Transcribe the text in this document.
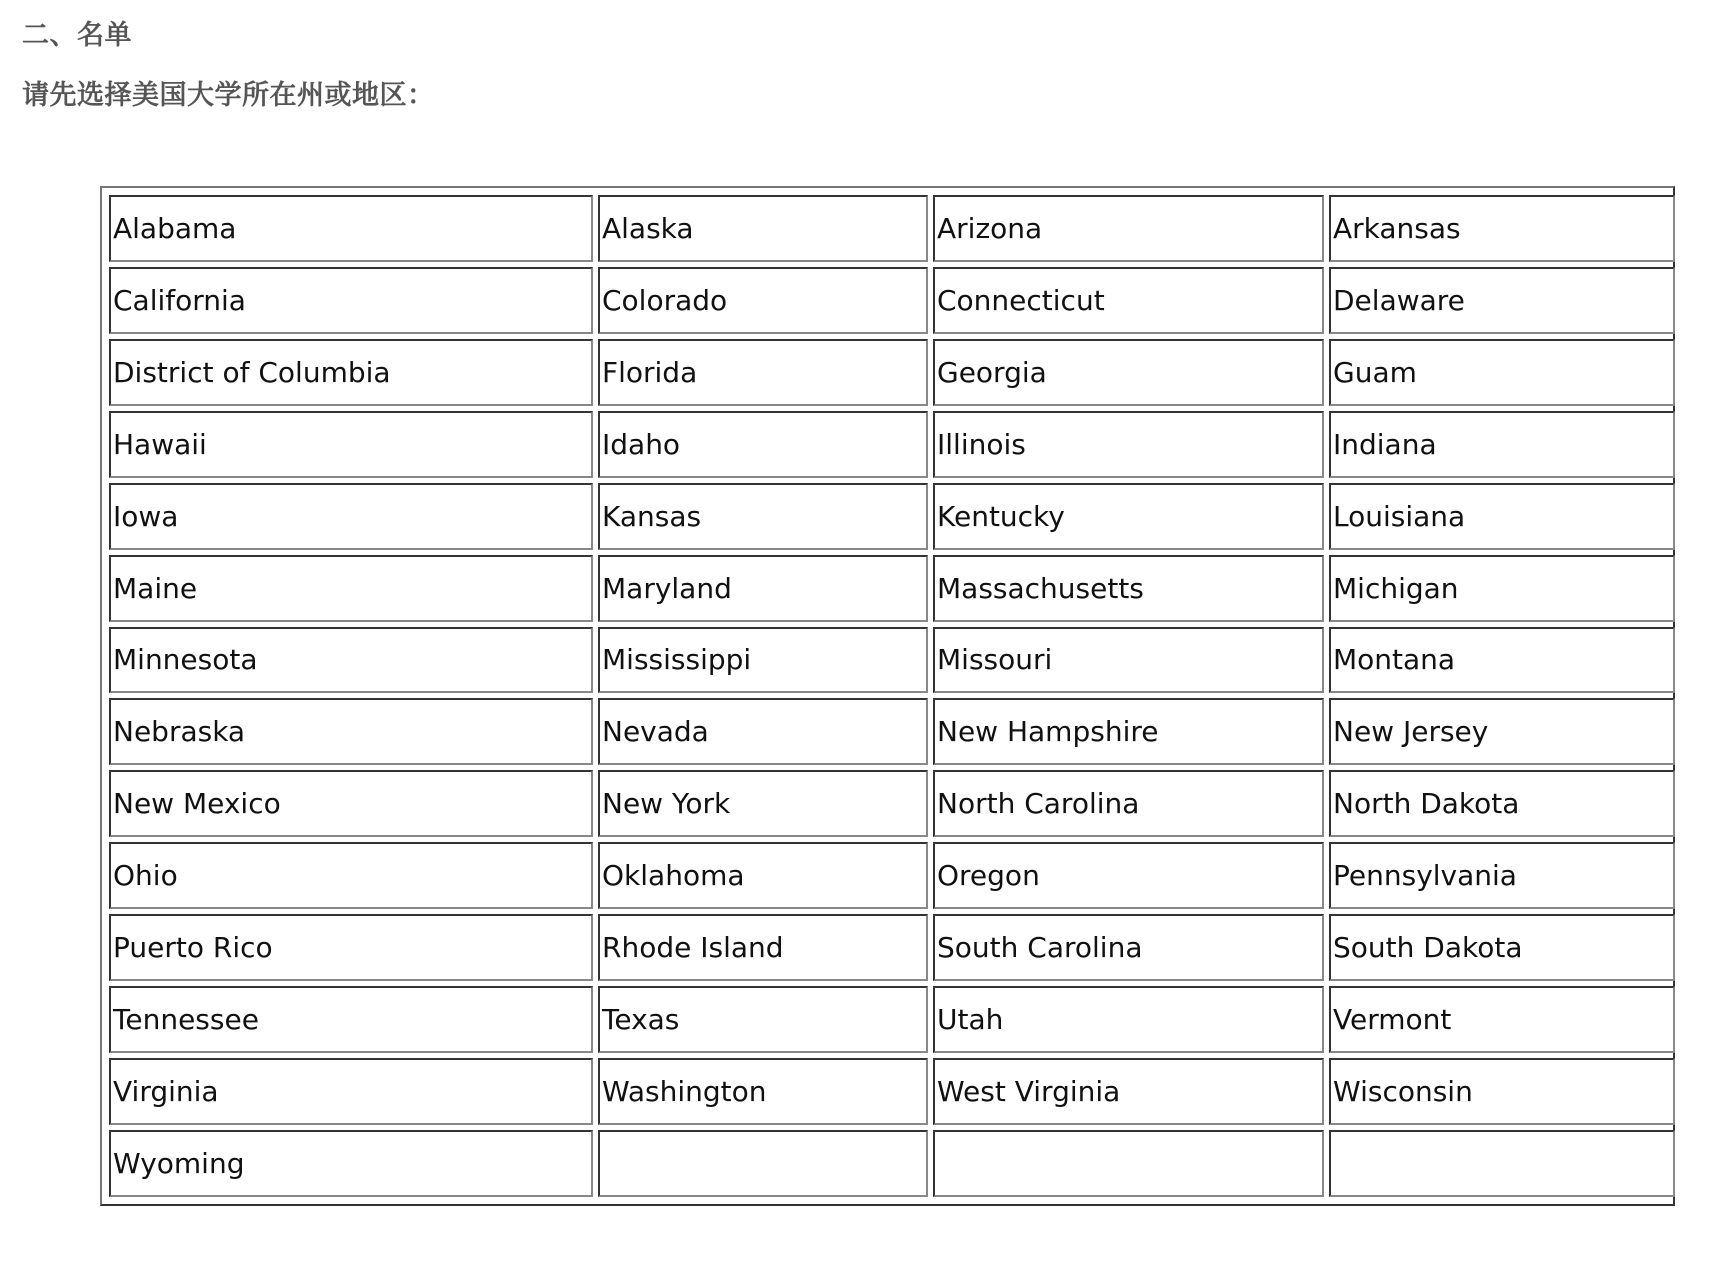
二、名单

请先选择美国大学所在州或地区：

Alabama	Alaska	Arizona	Arkansas
California	Colorado	Connecticut	Delaware
District of Columbia	Florida	Georgia	Guam
Hawaii	Idaho	Illinois	Indiana
Iowa	Kansas	Kentucky	Louisiana
Maine	Maryland	Massachusetts	Michigan
Minnesota	Mississippi	Missouri	Montana
Nebraska	Nevada	New Hampshire	New Jersey
New Mexico	New York	North Carolina	North Dakota
Ohio	Oklahoma	Oregon	Pennsylvania
Puerto Rico	Rhode Island	South Carolina	South Dakota
Tennessee	Texas	Utah	Vermont
Virginia	Washington	West Virginia	Wisconsin
Wyoming			
